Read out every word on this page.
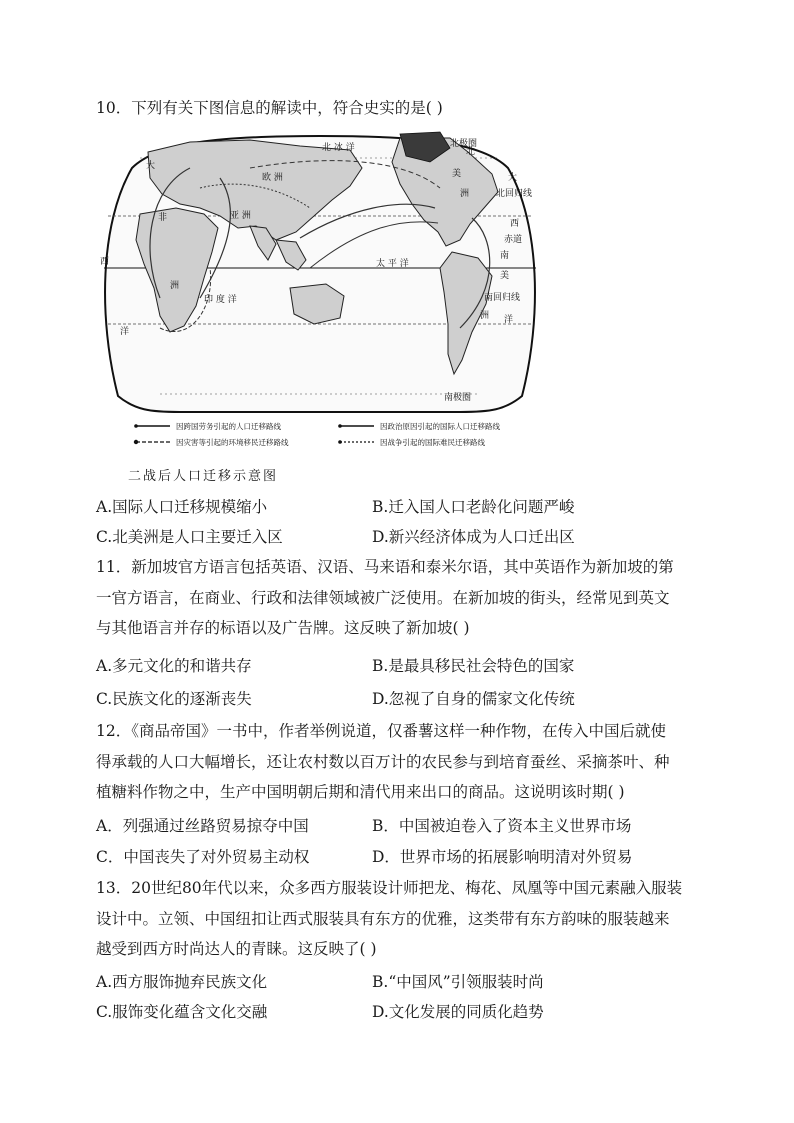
10．下列有关下图信息的解读中，符合史实的是( )
北 冰 洋	北极圈
欧 洲
亚 洲
非
洲
大
西
洋
印 度 洋
太 平 洋
北
美
洲
大
北回归线
西
赤道
南
美
南回归线
洲 洋
南极圈
因跨国劳务引起的人口迁移路线	因政治原因引起的国际人口迁移路线
因灾害等引起的环境移民迁移路线	因战争引起的国际难民迁移路线
二战后人口迁移示意图
A.国际人口迁移规模缩小	B.迁入国人口老龄化问题严峻
C.北美洲是人口主要迁入区	D.新兴经济体成为人口迁出区
11．新加坡官方语言包括英语、汉语、马来语和泰米尔语，其中英语作为新加坡的第
一官方语言，在商业、行政和法律领域被广泛使用。在新加坡的街头，经常见到英文
与其他语言并存的标语以及广告牌。这反映了新加坡( )
A.多元文化的和谐共存	B.是最具移民社会特色的国家
C.民族文化的逐渐丧失	D.忽视了自身的儒家文化传统
12．《商品帝国》一书中，作者举例说道，仅番薯这样一种作物，在传入中国后就使
得承载的人口大幅增长，还让农村数以百万计的农民参与到培育蚕丝、采摘茶叶、种
植糖料作物之中，生产中国明朝后期和清代用来出口的商品。这说明该时期( )
A．列强通过丝路贸易掠夺中国	B．中国被迫卷入了资本主义世界市场
C．中国丧失了对外贸易主动权	D．世界市场的拓展影响明清对外贸易
13．20世纪80年代以来，众多西方服装设计师把龙、梅花、凤凰等中国元素融入服装
设计中。立领、中国纽扣让西式服装具有东方的优雅，这类带有东方韵味的服装越来
越受到西方时尚达人的青睐。这反映了( )
A.西方服饰抛弃民族文化	B.“中国风”引领服装时尚
C.服饰变化蕴含文化交融	D.文化发展的同质化趋势
